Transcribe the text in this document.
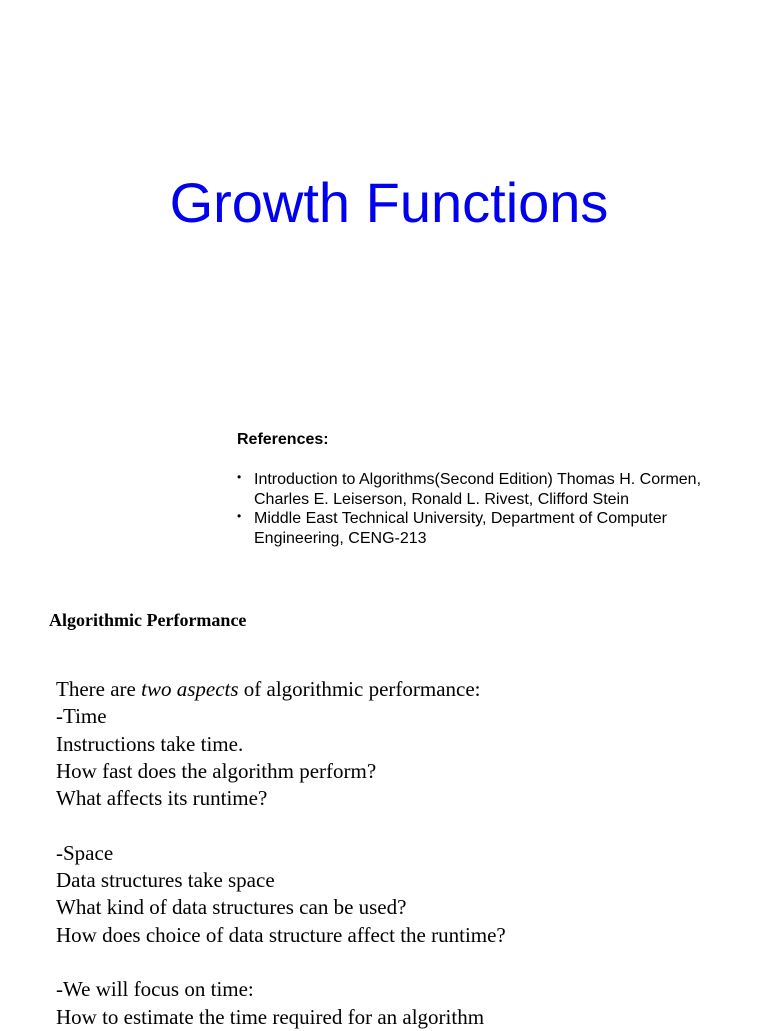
Growth Functions
References:
• Introduction to Algorithms(Second Edition) Thomas H. Cormen, Charles E. Leiserson, Ronald L. Rivest, Clifford Stein
• Middle East Technical University, Department of Computer Engineering, CENG-213
Algorithmic Performance
There are two aspects of algorithmic performance:
-Time
Instructions take time.
How fast does the algorithm perform?
What affects its runtime?
-Space
Data structures take space
What kind of data structures can be used?
How does choice of data structure affect the runtime?
-We will focus on time:
How to estimate the time required for an algorithm
